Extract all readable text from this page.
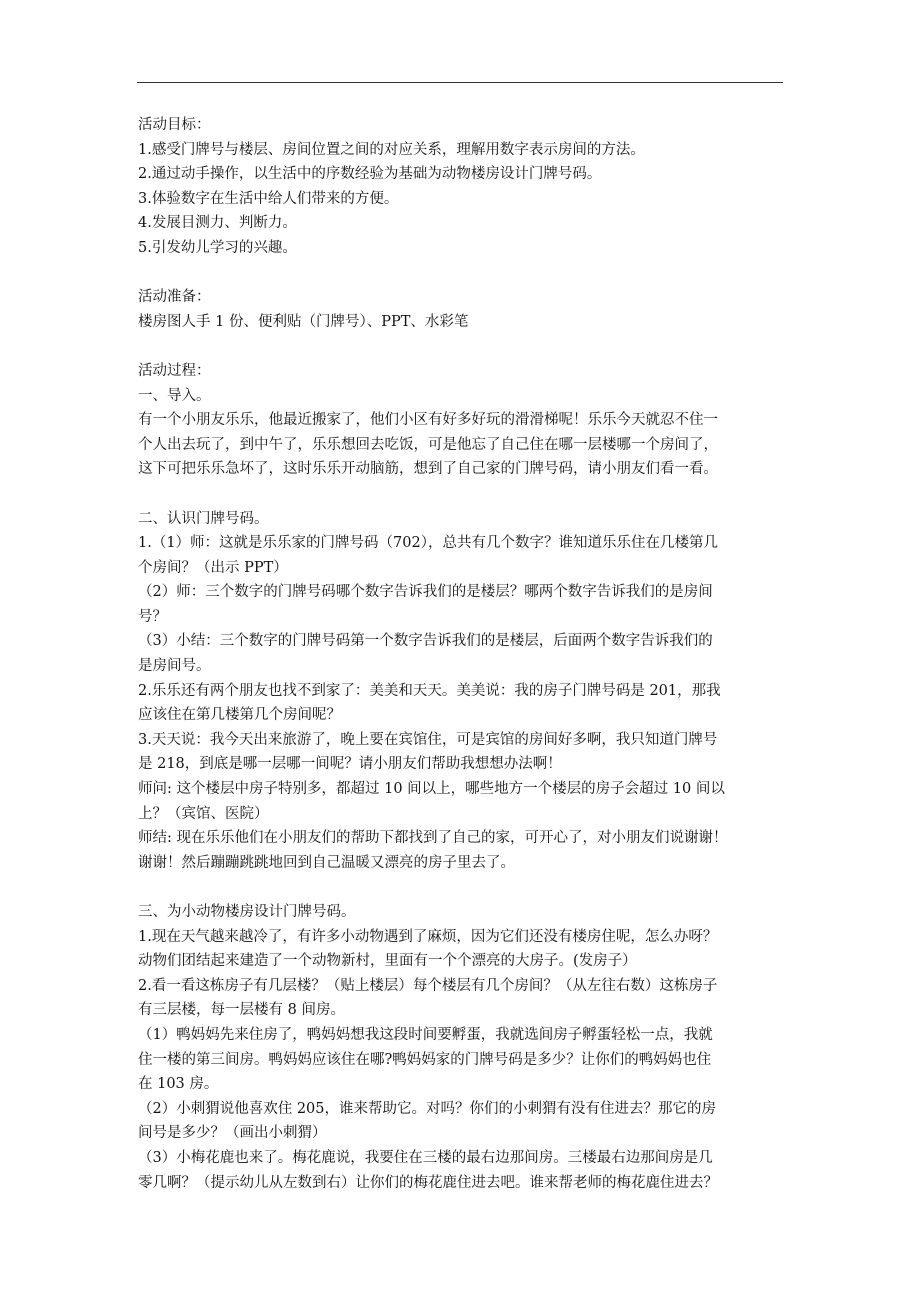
活动目标：
1.感受门牌号与楼层、房间位置之间的对应关系，理解用数字表示房间的方法。
2.通过动手操作，以生活中的序数经验为基础为动物楼房设计门牌号码。
3.体验数字在生活中给人们带来的方便。
4.发展目测力、判断力。
5.引发幼儿学习的兴趣。
活动准备：
楼房图人手 1 份、便利贴（门牌号）、PPT、水彩笔
活动过程：
一、导入。
有一个小朋友乐乐，他最近搬家了，他们小区有好多好玩的滑滑梯呢！乐乐今天就忍不住一
个人出去玩了，到中午了，乐乐想回去吃饭，可是他忘了自己住在哪一层楼哪一个房间了，
这下可把乐乐急坏了，这时乐乐开动脑筋，想到了自己家的门牌号码，请小朋友们看一看。
二、认识门牌号码。
1.（1）师：这就是乐乐家的门牌号码（702），总共有几个数字？谁知道乐乐住在几楼第几
个房间？（出示 PPT）
（2）师：三个数字的门牌号码哪个数字告诉我们的是楼层？哪两个数字告诉我们的是房间
号？
（3）小结：三个数字的门牌号码第一个数字告诉我们的是楼层，后面两个数字告诉我们的
是房间号。
2.乐乐还有两个朋友也找不到家了：美美和天天。美美说：我的房子门牌号码是 201，那我
应该住在第几楼第几个房间呢？
3.天天说：我今天出来旅游了，晚上要在宾馆住，可是宾馆的房间好多啊，我只知道门牌号
是 218，到底是哪一层哪一间呢？请小朋友们帮助我想想办法啊！
师问: 这个楼层中房子特别多，都超过 10 间以上，哪些地方一个楼层的房子会超过 10 间以
上？（宾馆、医院）
师结: 现在乐乐他们在小朋友们的帮助下都找到了自己的家，可开心了，对小朋友们说谢谢！
谢谢！然后蹦蹦跳跳地回到自己温暖又漂亮的房子里去了。
三、为小动物楼房设计门牌号码。
1.现在天气越来越冷了，有许多小动物遇到了麻烦，因为它们还没有楼房住呢，怎么办呀？
动物们团结起来建造了一个动物新村，里面有一个个漂亮的大房子。(发房子）
2.看一看这栋房子有几层楼？（贴上楼层）每个楼层有几个房间？（从左往右数）这栋房子
有三层楼，每一层楼有 8 间房。
（1）鸭妈妈先来住房了，鸭妈妈想我这段时间要孵蛋，我就选间房子孵蛋轻松一点，我就
住一楼的第三间房。鸭妈妈应该住在哪?鸭妈妈家的门牌号码是多少？让你们的鸭妈妈也住
在 103 房。
（2）小刺猬说他喜欢住 205，谁来帮助它。对吗？你们的小刺猬有没有住进去？那它的房
间号是多少？（画出小刺猬）
（3）小梅花鹿也来了。梅花鹿说，我要住在三楼的最右边那间房。三楼最右边那间房是几
零几啊？（提示幼儿从左数到右）让你们的梅花鹿住进去吧。谁来帮老师的梅花鹿住进去？
